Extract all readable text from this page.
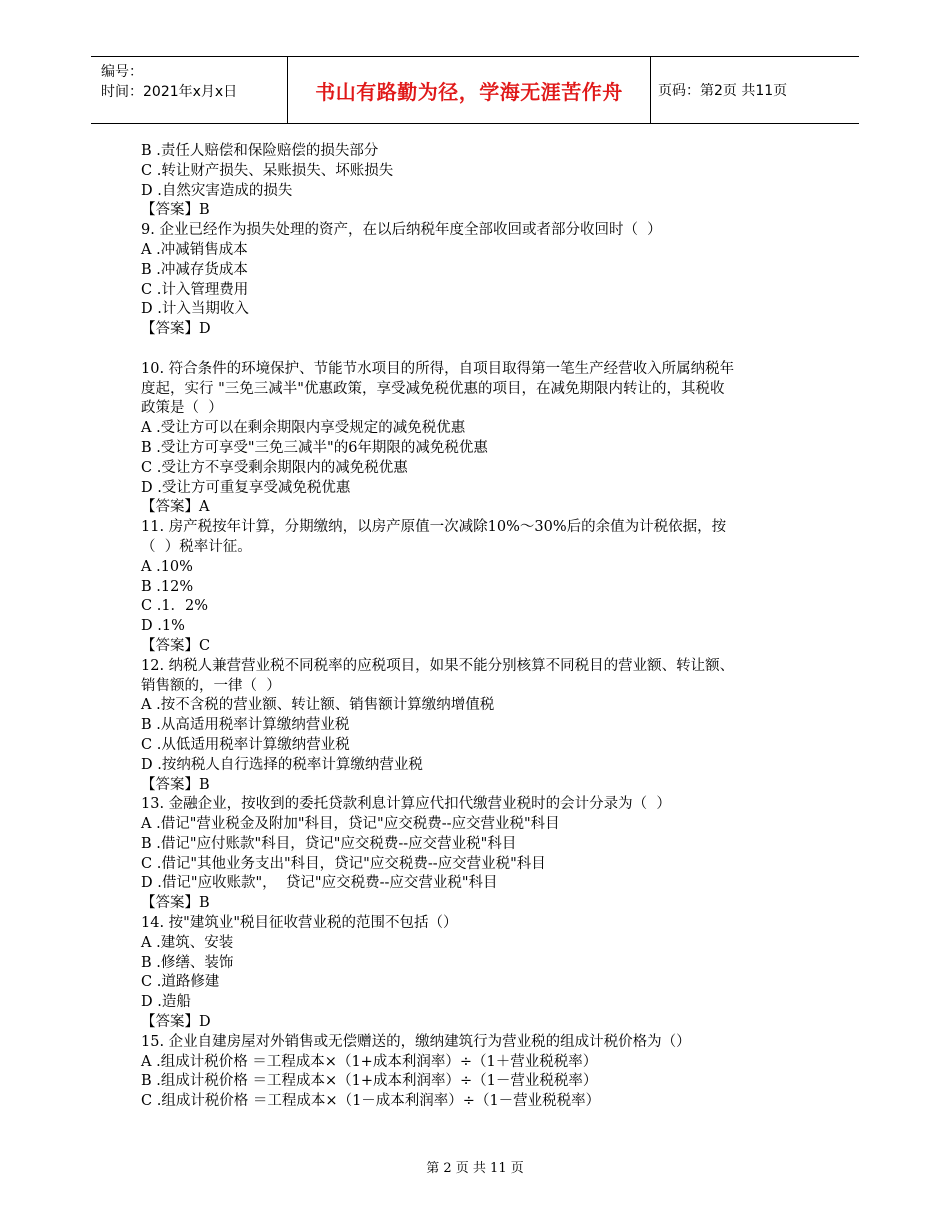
编号：
时间：2021年x月x日	书山有路勤为径，学海无涯苦作舟	页码：第2页 共11页
B .责任人赔偿和保险赔偿的损失部分
C .转让财产损失、呆账损失、坏账损失
D .自然灾害造成的损失
【答案】B
9. 企业已经作为损失处理的资产，在以后纳税年度全部收回或者部分收回时（  ）
A .冲减销售成本
B .冲减存货成本
C .计入管理费用
D .计入当期收入
【答案】D
10. 符合条件的环境保护、节能节水项目的所得，自项目取得第一笔生产经营收入所属纳税年
度起，实行 "三免三减半"优惠政策，享受减免税优惠的项目，在减免期限内转让的，其税收
政策是（  ）
A .受让方可以在剩余期限内享受规定的减免税优惠
B .受让方可享受"三免三减半"的6年期限的减免税优惠
C .受让方不享受剩余期限内的减免税优惠
D .受让方可重复享受减免税优惠
【答案】A
11. 房产税按年计算，分期缴纳，以房产原值一次减除10%～30%后的余值为计税依据，按
（  ）税率计征。
A .10%
B .12%
C .1．2%
D .1%
【答案】C
12. 纳税人兼营营业税不同税率的应税项目，如果不能分别核算不同税目的营业额、转让额、
销售额的，一律（  ）
A .按不含税的营业额、转让额、销售额计算缴纳增值税
B .从高适用税率计算缴纳营业税
C .从低适用税率计算缴纳营业税
D .按纳税人自行选择的税率计算缴纳营业税
【答案】B
13. 金融企业，按收到的委托贷款利息计算应代扣代缴营业税时的会计分录为（  ）
A .借记"营业税金及附加"科目，贷记"应交税费--应交营业税"科目
B .借记"应付账款"科目，贷记"应交税费--应交营业税"科目
C .借记"其他业务支出"科目，贷记"应交税费--应交营业税"科目
D .借记"应收账款"，  贷记"应交税费--应交营业税"科目
【答案】B
14. 按"建筑业"税目征收营业税的范围不包括（）
A .建筑、安装
B .修缮、装饰
C .道路修建
D .造船
【答案】D
15. 企业自建房屋对外销售或无偿赠送的，缴纳建筑行为营业税的组成计税价格为（）
A .组成计税价格 ＝工程成本×（1+成本利润率）÷（1＋营业税税率）
B .组成计税价格 ＝工程成本×（1+成本利润率）÷（1－营业税税率）
C .组成计税价格 ＝工程成本×（1－成本利润率）÷（1－营业税税率）
第 2 页 共 11 页
